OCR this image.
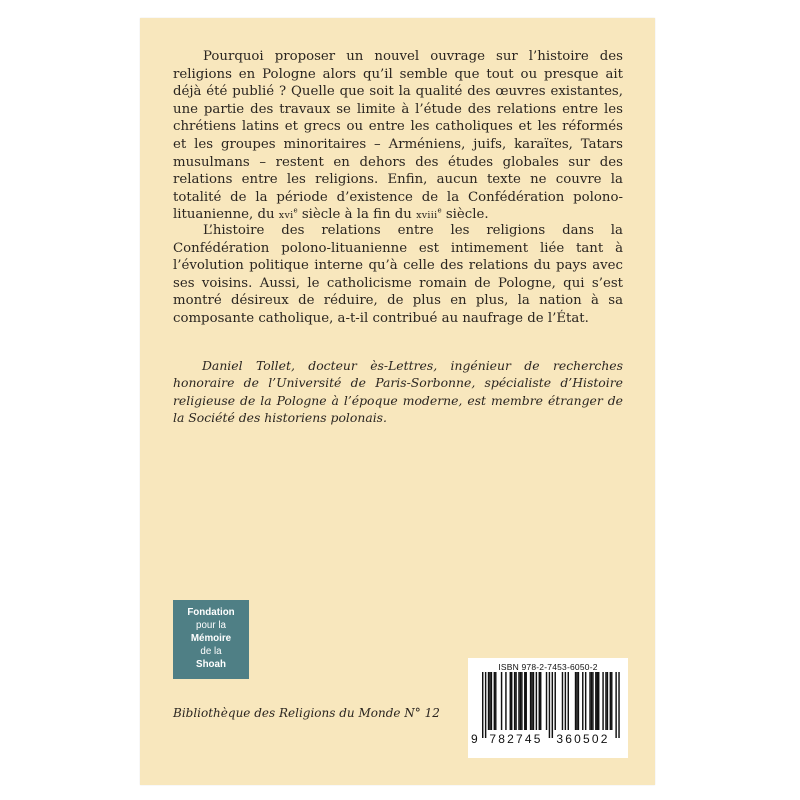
Pourquoi proposer un nouvel ouvrage sur l’histoire des religions en Pologne alors qu’il semble que tout ou presque ait déjà été publié ? Quelle que soit la qualité des œuvres existantes, une partie des travaux se limite à l’étude des relations entre les chrétiens latins et grecs ou entre les catholiques et les réformés et les groupes minoritaires – Arméniens, juifs, karaïtes, Tatars musulmans – restent en dehors des études globales sur des relations entre les religions. Enfin, aucun texte ne couvre la totalité de la période d’existence de la Confédération polono-lituanienne, du xvi$^e$ siècle à la fin du xviii$^e$ siècle.

L’histoire des relations entre les religions dans la Confédération polono-lituanienne est intimement liée tant à l’évolution politique interne qu’à celle des relations du pays avec ses voisins. Aussi, le catholicisme romain de Pologne, qui s’est montré désireux de réduire, de plus en plus, la nation à sa composante catholique, a-t-il contribué au naufrage de l’État.

Daniel Tollet, docteur ès-Lettres, ingénieur de recherches honoraire de l’Université de Paris-Sorbonne, spécialiste d’Histoire religieuse de la Pologne à l’époque moderne, est membre étranger de la Société des historiens polonais.

Fondation
pour la
Mémoire
de la
Shoah
Bibliothèque des Religions du Monde N° 12
ISBN 978-2-7453-6050-2
9 782745	360502
